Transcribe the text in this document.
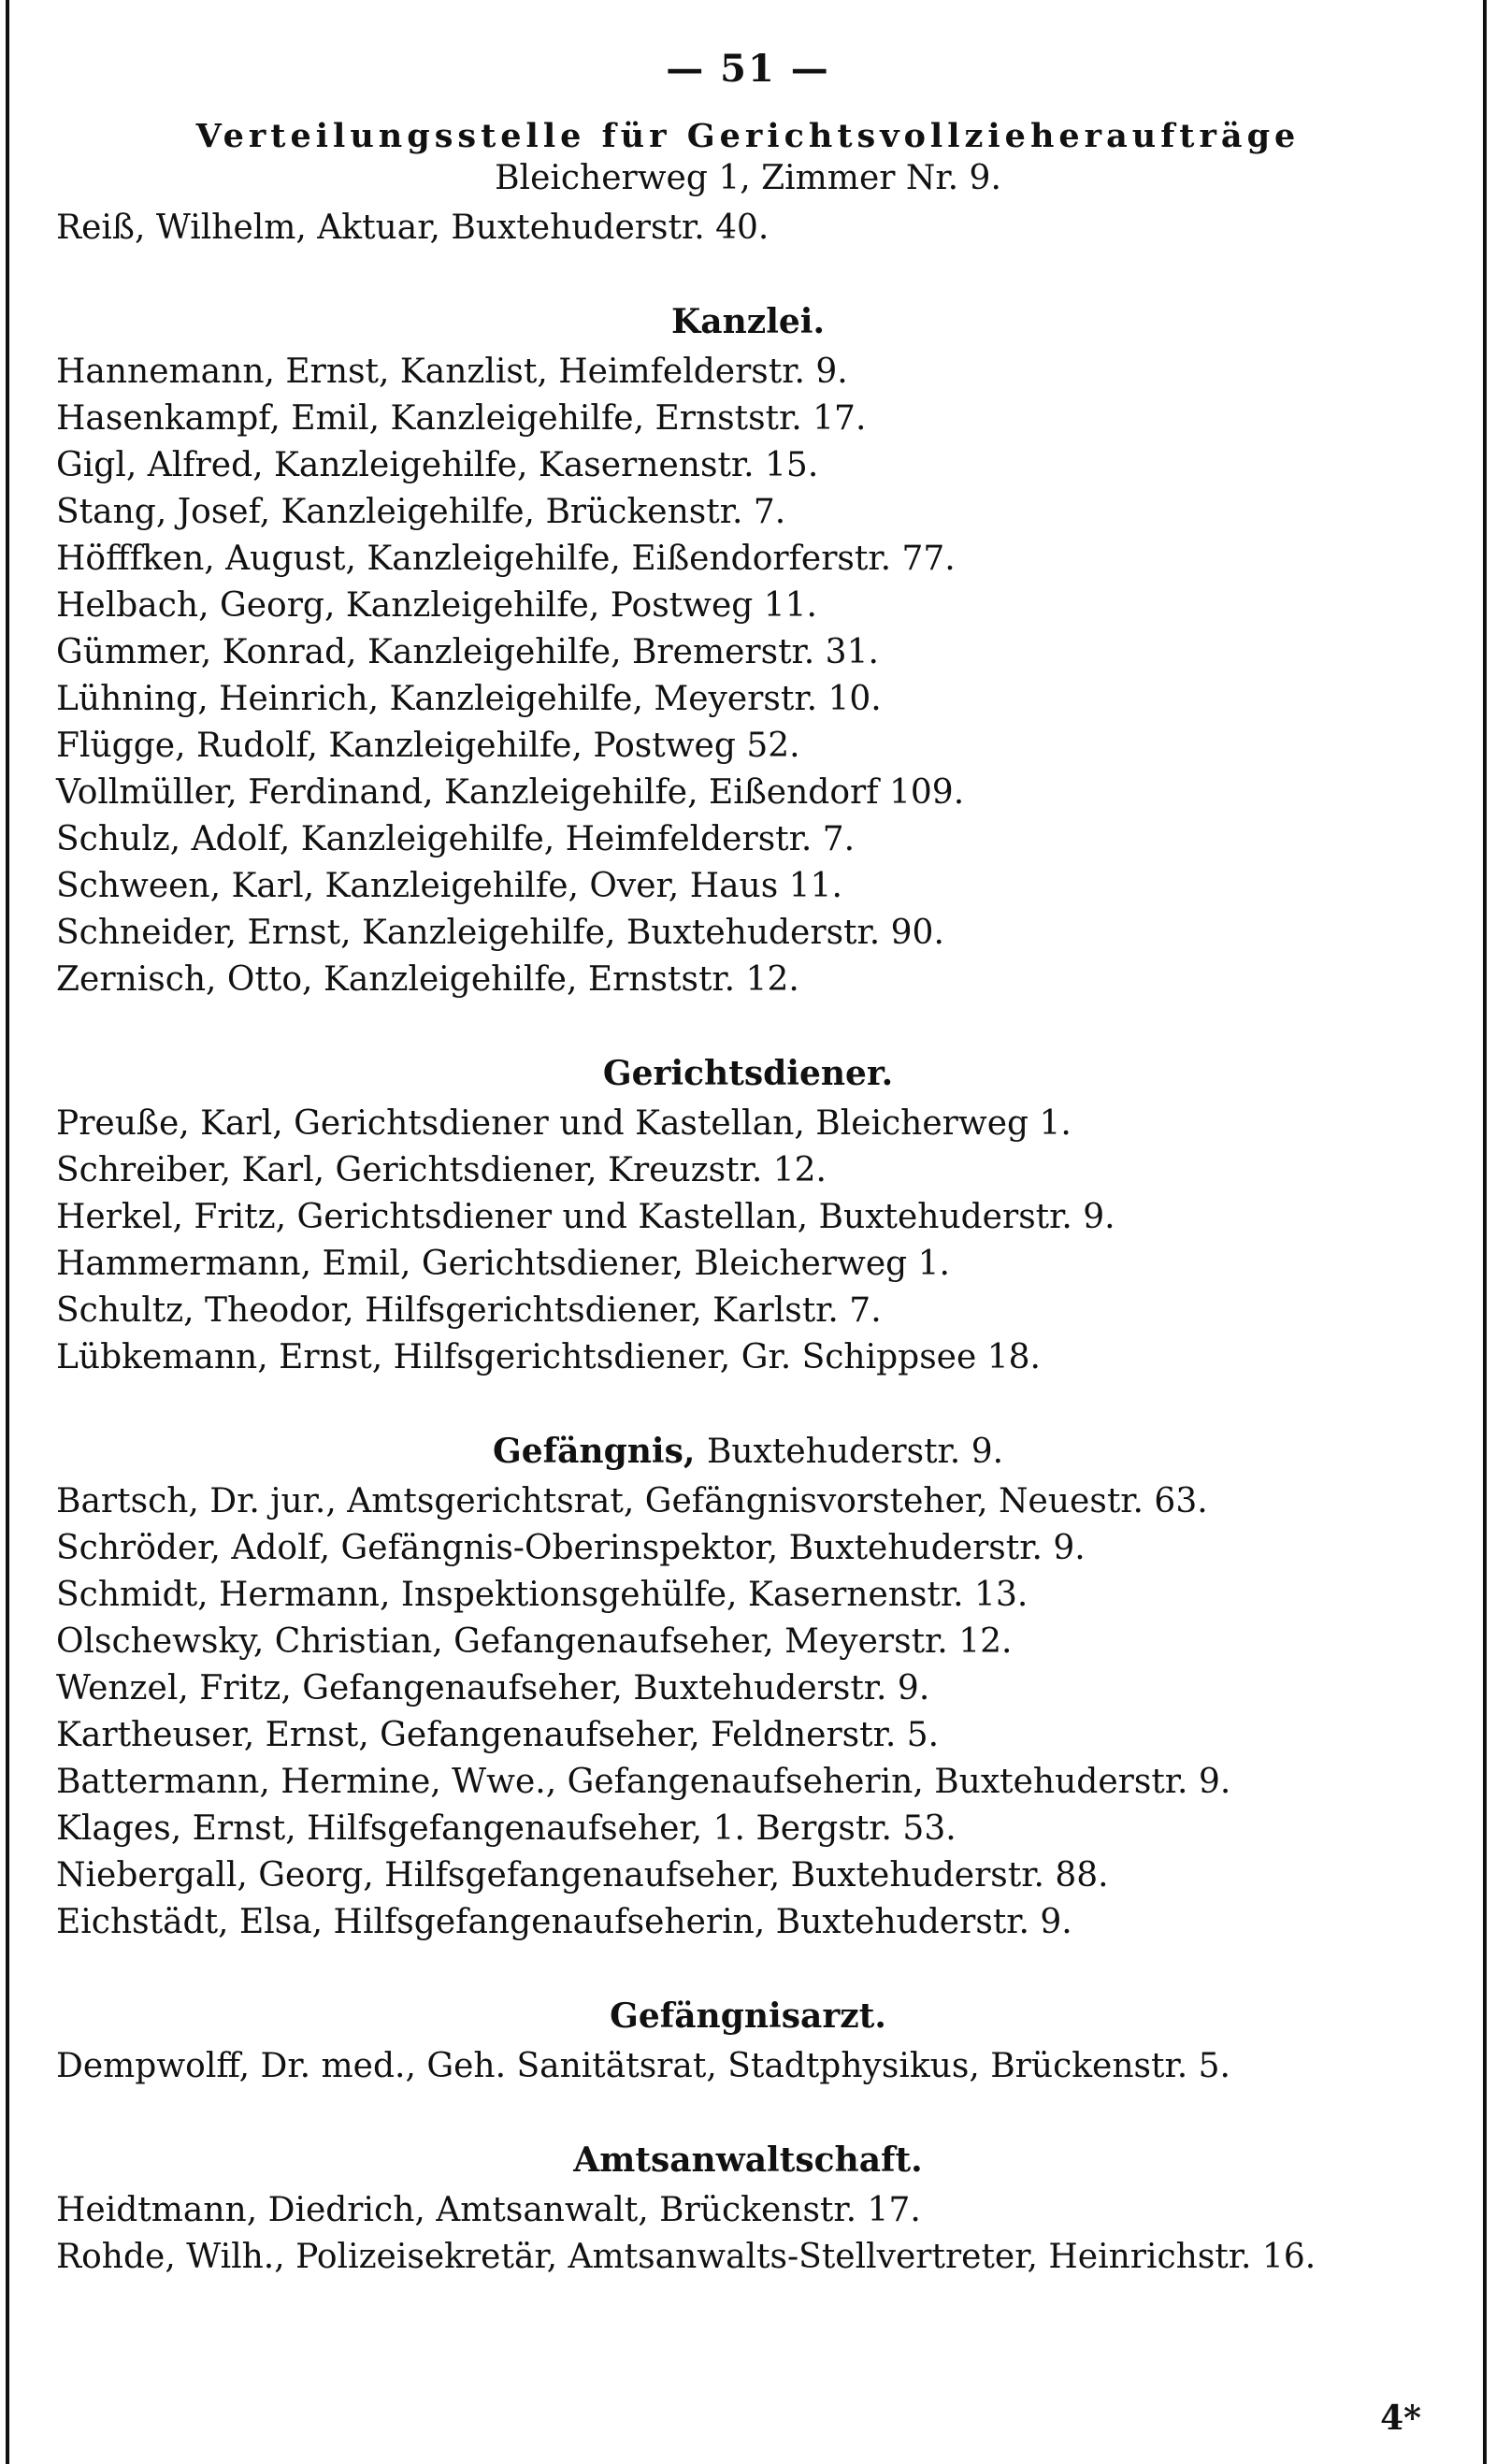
— 51 —
Verteilungsstelle für Gerichtsvollzieheraufträge
Bleicherweg 1, Zimmer Nr. 9.
Reiß, Wilhelm, Aktuar, Buxtehuderstr. 40.
Kanzlei.
Hannemann, Ernst, Kanzlist, Heimfelderstr. 9.
Hasenkampf, Emil, Kanzleigehilfe, Ernststr. 17.
Gigl, Alfred, Kanzleigehilfe, Kasernenstr. 15.
Stang, Josef, Kanzleigehilfe, Brückenstr. 7.
Höfffken, August, Kanzleigehilfe, Eißendorferstr. 77.
Helbach, Georg, Kanzleigehilfe, Postweg 11.
Gümmer, Konrad, Kanzleigehilfe, Bremerstr. 31.
Lühning, Heinrich, Kanzleigehilfe, Meyerstr. 10.
Flügge, Rudolf, Kanzleigehilfe, Postweg 52.
Vollmüller, Ferdinand, Kanzleigehilfe, Eißendorf 109.
Schulz, Adolf, Kanzleigehilfe, Heimfelderstr. 7.
Schween, Karl, Kanzleigehilfe, Over, Haus 11.
Schneider, Ernst, Kanzleigehilfe, Buxtehuderstr. 90.
Zernisch, Otto, Kanzleigehilfe, Ernststr. 12.
Gerichtsdiener.
Preuße, Karl, Gerichtsdiener und Kastellan, Bleicherweg 1.
Schreiber, Karl, Gerichtsdiener, Kreuzstr. 12.
Herkel, Fritz, Gerichtsdiener und Kastellan, Buxtehuderstr. 9.
Hammermann, Emil, Gerichtsdiener, Bleicherweg 1.
Schultz, Theodor, Hilfsgerichtsdiener, Karlstr. 7.
Lübkemann, Ernst, Hilfsgerichtsdiener, Gr. Schippsee 18.
Gefängnis, Buxtehuderstr. 9.
Bartsch, Dr. jur., Amtsgerichtsrat, Gefängnisvorsteher, Neuestr. 63.
Schröder, Adolf, Gefängnis-Oberinspektor, Buxtehuderstr. 9.
Schmidt, Hermann, Inspektionsgehülfe, Kasernenstr. 13.
Olschewsky, Christian, Gefangenaufseher, Meyerstr. 12.
Wenzel, Fritz, Gefangenaufseher, Buxtehuderstr. 9.
Kartheuser, Ernst, Gefangenaufseher, Feldnerstr. 5.
Battermann, Hermine, Wwe., Gefangenaufseherin, Buxtehuderstr. 9.
Klages, Ernst, Hilfsgefangenaufseher, 1. Bergstr. 53.
Niebergall, Georg, Hilfsgefangenaufseher, Buxtehuderstr. 88.
Eichstädt, Elsa, Hilfsgefangenaufseherin, Buxtehuderstr. 9.
Gefängnisarzt.
Dempwolff, Dr. med., Geh. Sanitätsrat, Stadtphysikus, Brückenstr. 5.
Amtsanwaltschaft.
Heidtmann, Diedrich, Amtsanwalt, Brückenstr. 17.
Rohde, Wilh., Polizeisekretär, Amtsanwalts-Stellvertreter, Heinrichstr. 16.
4*
